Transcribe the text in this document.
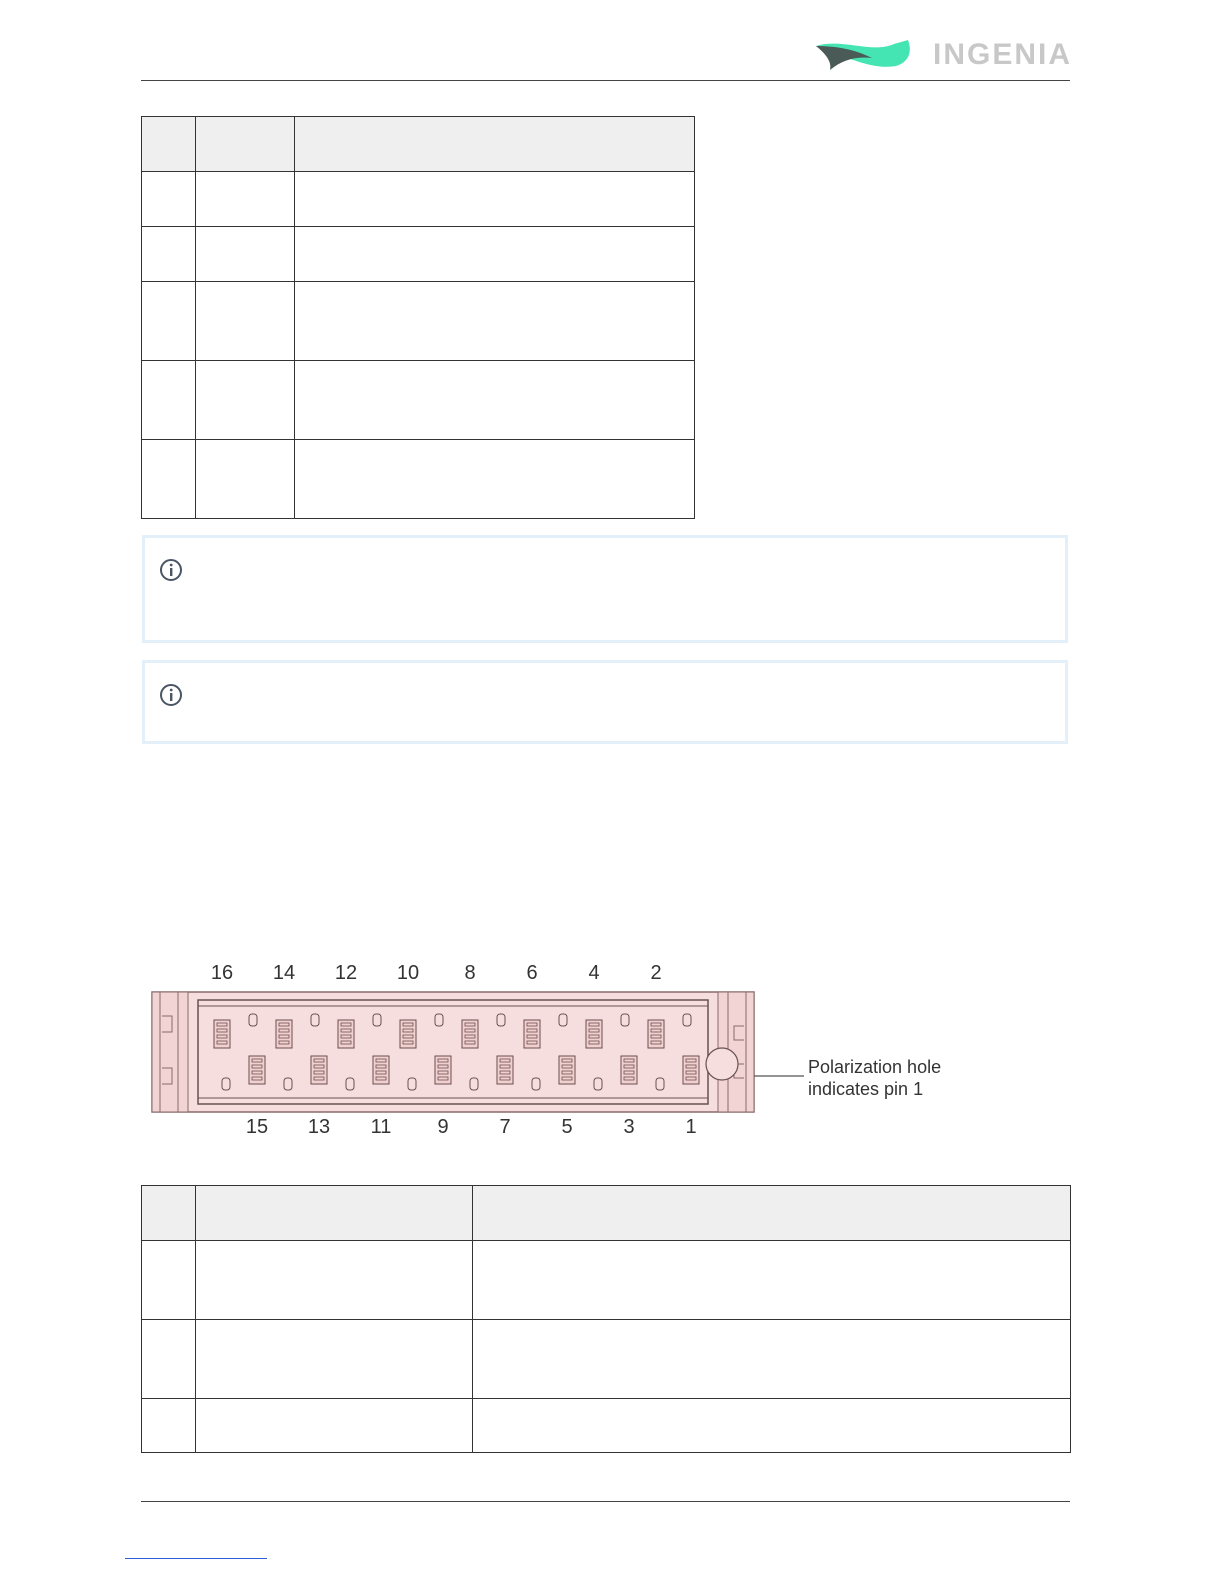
INGENIA

16 14 12 10	8	6	4	2
15 13 11	9	7	5	3	1
Polarization hole
indicates pin 1
